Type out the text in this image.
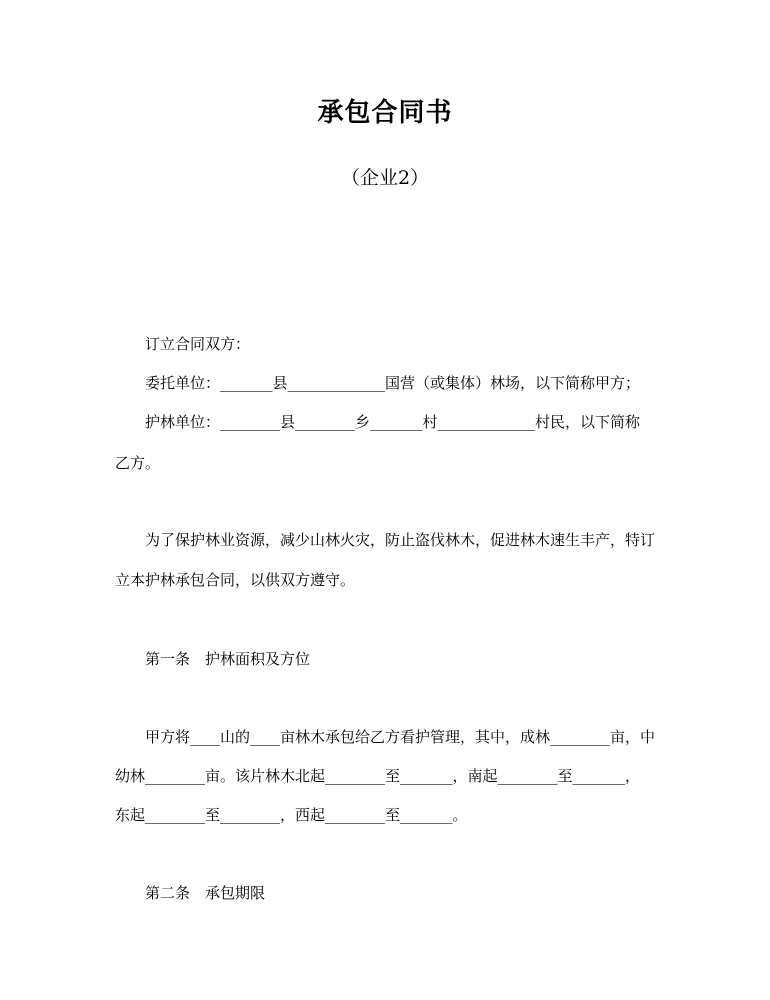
承包合同书
（企业2）
订立合同双方：
委托单位：_______县_____________国营（或集体）林场，以下简称甲方；
护林单位：________县________乡_______村_____________村民，以下简称
乙方。
为了保护林业资源，减少山林火灾，防止盗伐林木，促进林木速生丰产，特订
立本护林承包合同，以供双方遵守。
第一条　护林面积及方位
甲方将____山的____亩林木承包给乙方看护管理，其中，成林________亩，中
幼林________亩。该片林木北起________至_______，南起________至_______，
东起________至________，西起________至_______。
第二条　承包期限
